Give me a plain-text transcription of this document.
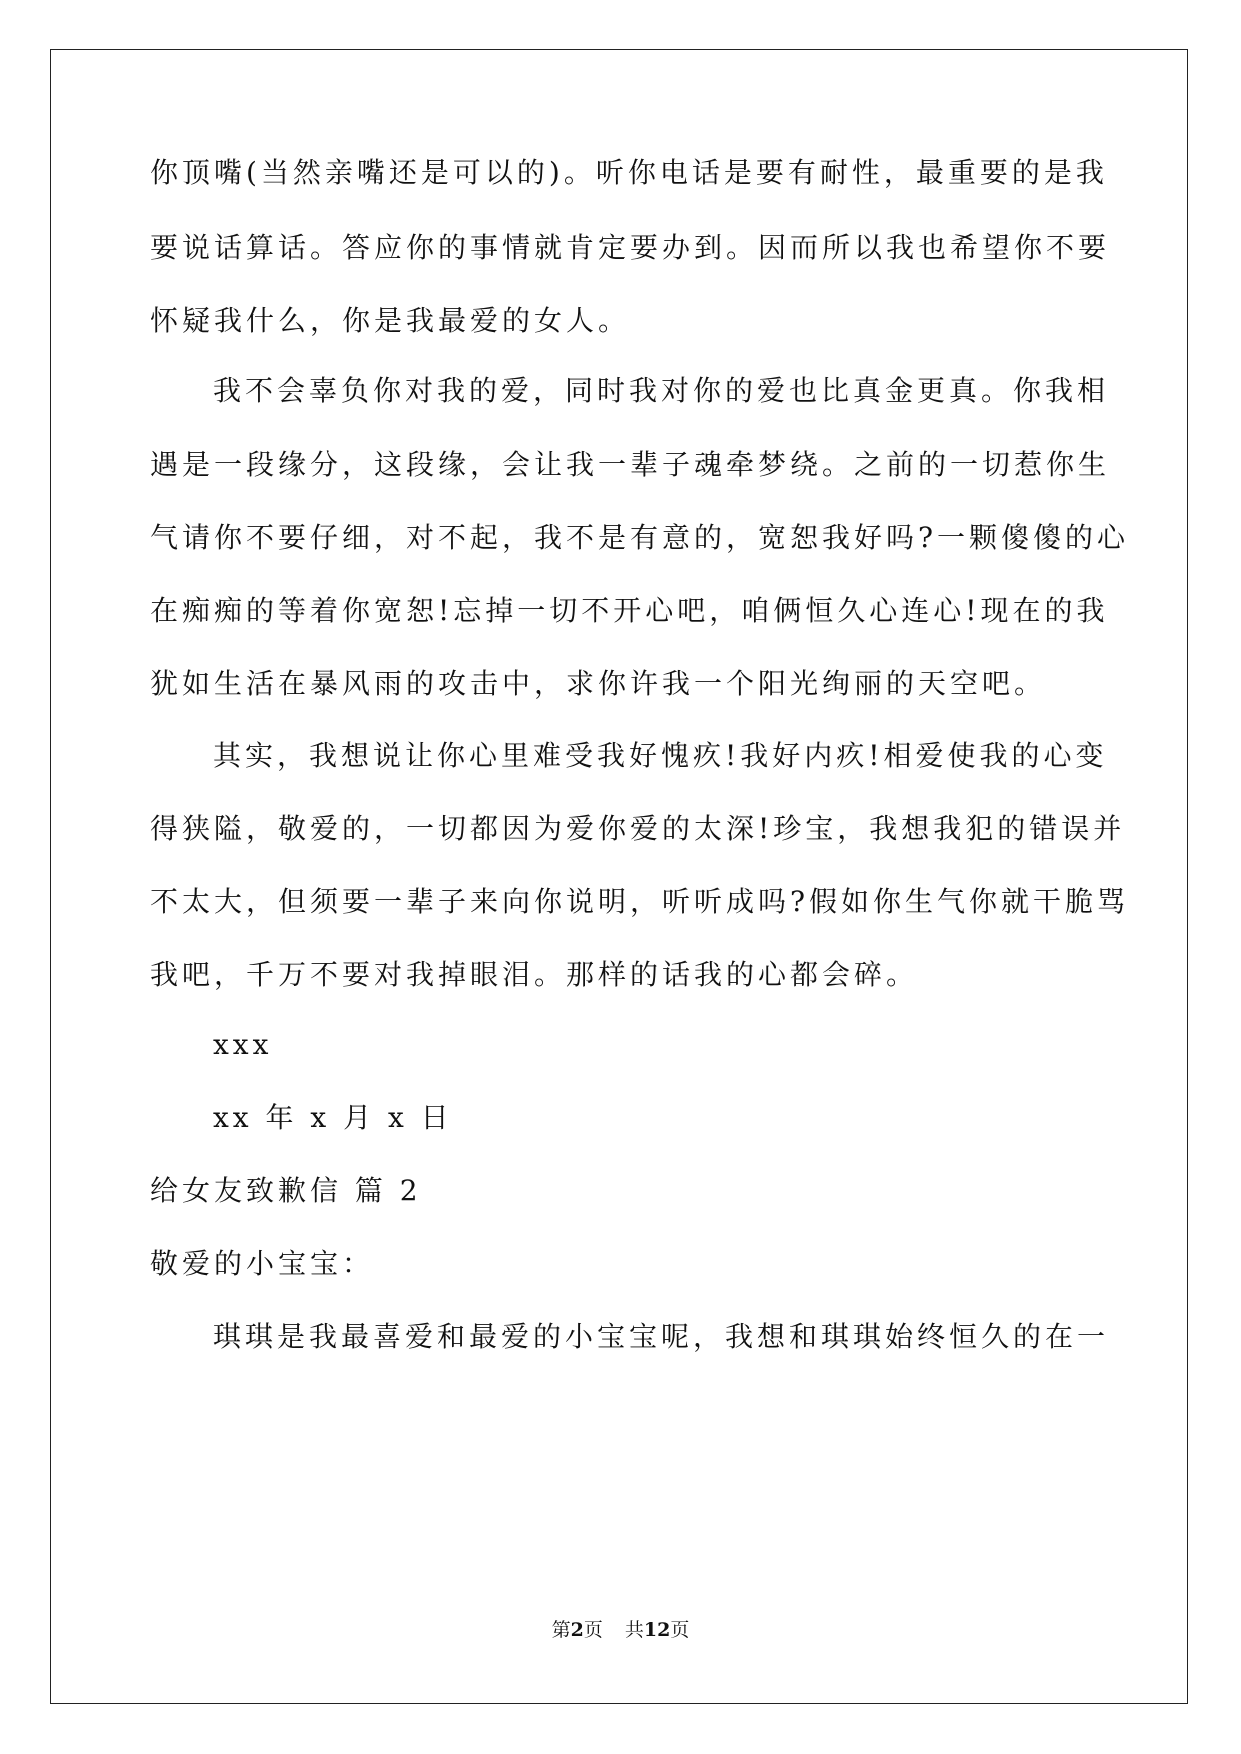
你顶嘴(当然亲嘴还是可以的)。听你电话是要有耐性，最重要的是我
要说话算话。答应你的事情就肯定要办到。因而所以我也希望你不要
怀疑我什么，你是我最爱的女人。
我不会辜负你对我的爱，同时我对你的爱也比真金更真。你我相
遇是一段缘分，这段缘，会让我一辈子魂牵梦绕。之前的一切惹你生
气请你不要仔细，对不起，我不是有意的，宽恕我好吗?一颗傻傻的心
在痴痴的等着你宽恕!忘掉一切不开心吧，咱俩恒久心连心!现在的我
犹如生活在暴风雨的攻击中，求你许我一个阳光绚丽的天空吧。
其实，我想说让你心里难受我好愧疚!我好内疚!相爱使我的心变
得狭隘，敬爱的，一切都因为爱你爱的太深!珍宝，我想我犯的错误并
不太大，但须要一辈子来向你说明，听听成吗?假如你生气你就干脆骂
我吧，千万不要对我掉眼泪。那样的话我的心都会碎。
xxx
xx 年 x 月 x 日
给女友致歉信 篇 2
敬爱的小宝宝：
琪琪是我最喜爱和最爱的小宝宝呢，我想和琪琪始终恒久的在一
第2页 共12页
